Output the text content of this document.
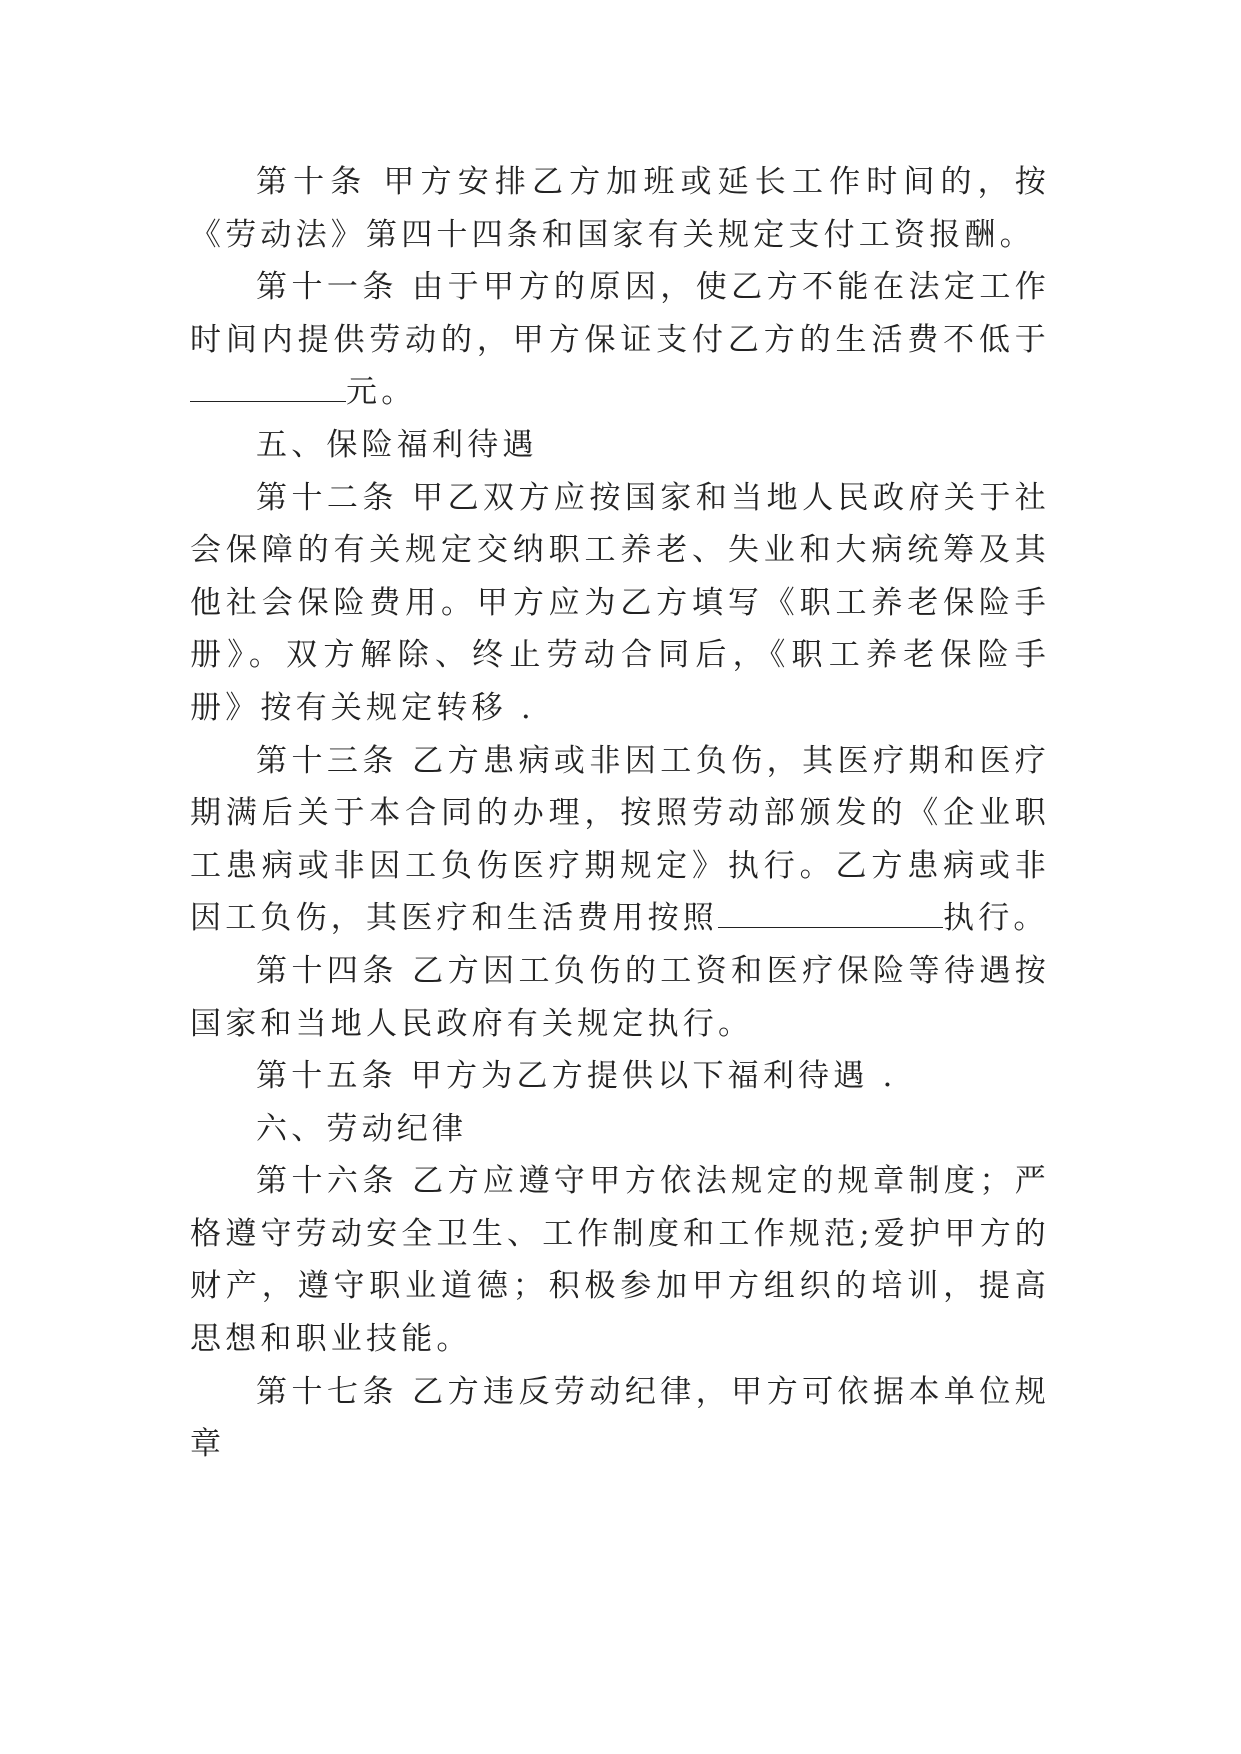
第十条 甲方安排乙方加班或延长工作时间的，按《劳动法》第四十四条和国家有关规定支付工资报酬。

第十一条 由于甲方的原因，使乙方不能在法定工作时间内提供劳动的，甲方保证支付乙方的生活费不低于元。

五、保险福利待遇

第十二条 甲乙双方应按国家和当地人民政府关于社会保障的有关规定交纳职工养老、失业和大病统筹及其他社会保险费用。甲方应为乙方填写《职工养老保险手册》。双方解除、终止劳动合同后，《职工养老保险手册》按有关规定转移 .

第十三条 乙方患病或非因工负伤，其医疗期和医疗期满后关于本合同的办理，按照劳动部颁发的《企业职工患病或非因工负伤医疗期规定》执行。乙方患病或非因工负伤，其医疗和生活费用按照	执行。

第十四条 乙方因工负伤的工资和医疗保险等待遇按国家和当地人民政府有关规定执行。

第十五条 甲方为乙方提供以下福利待遇 .

六、劳动纪律

第十六条 乙方应遵守甲方依法规定的规章制度；严格遵守劳动安全卫生、工作制度和工作规范;爱护甲方的财产，遵守职业道德；积极参加甲方组织的培训，提高思想和职业技能。

第十七条 乙方违反劳动纪律，甲方可依据本单位规章
